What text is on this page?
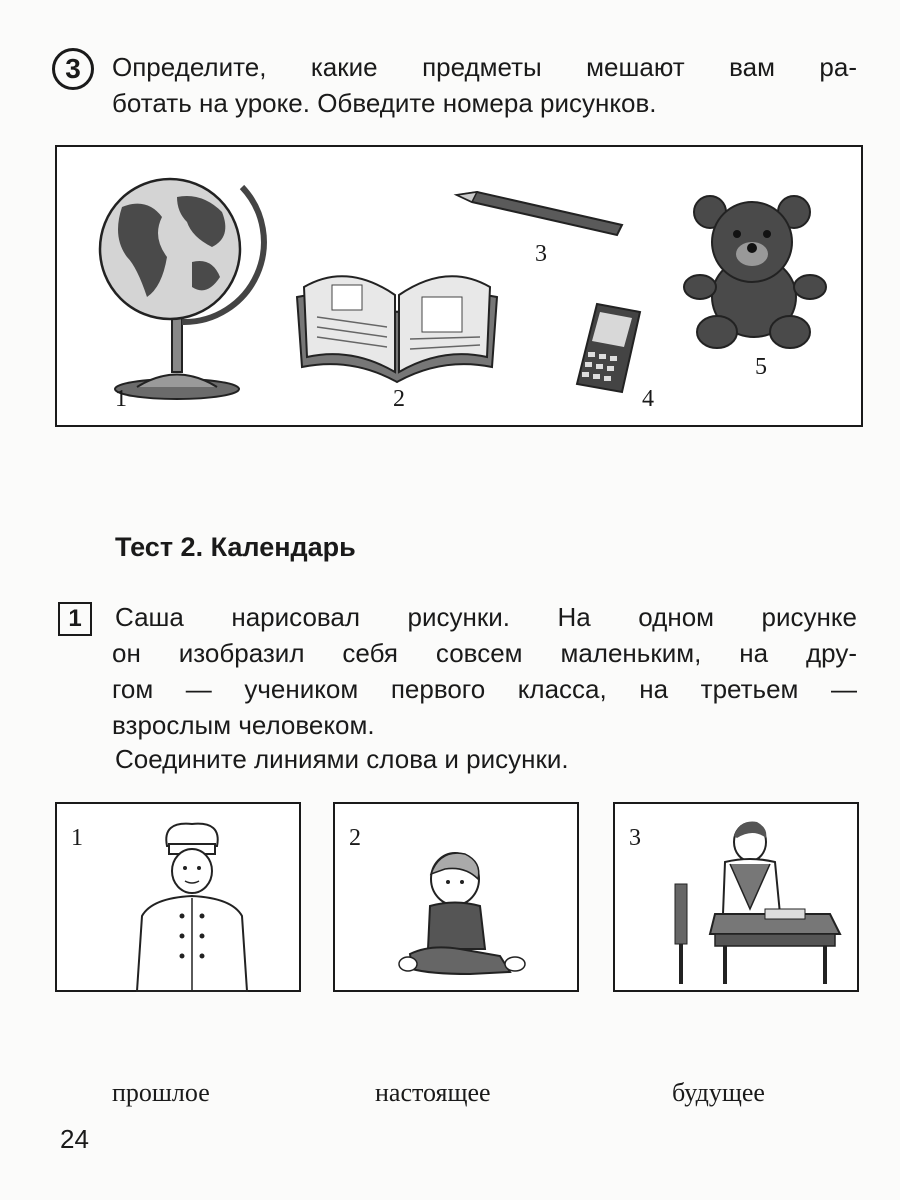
3	Определите, какие предметы мешают вам ра-
ботать на уроке. Обведите номера рисунков.
1	2
3
4
5
Тест 2. Календарь
1	Саша нарисовал рисунки. На одном рисунке
он изобразил себя совсем маленьким, на дру-
гом — учеником первого класса, на третьем —
взрослым человеком.
Соедините линиями слова и рисунки.
1	2	3
прошлое	настоящее	будущее
24
